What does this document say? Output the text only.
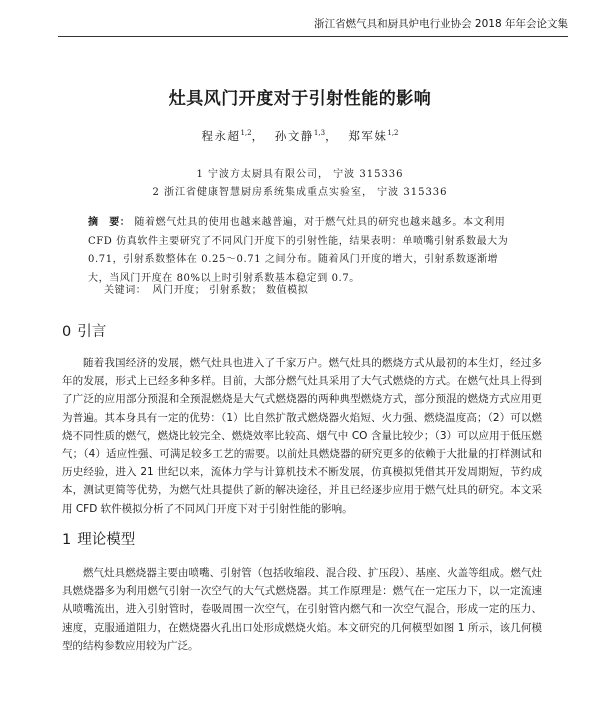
浙江省燃气具和厨具炉电行业协会 2018 年年会论文集
灶具风门开度对于引射性能的影响
程永超$^{1,2}$，  孙文静$^{1,3}$，  郑军妹$^{1,2}$
1 宁波方太厨具有限公司， 宁波 315336
2 浙江省健康智慧厨房系统集成重点实验室， 宁波 315336
摘　要： 随着燃气灶具的使用也越来越普遍，对于燃气灶具的研究也越来越多。本文利用 CFD 仿真软件主要研究了不同风门开度下的引射性能，结果表明：单喷嘴引射系数最大为 0.71，引射系数整体在 0.25～0.71 之间分布。随着风门开度的增大，引射系数逐渐增大，当风门开度在 80%以上时引射系数基本稳定到 0.7。
关键词： 风门开度； 引射系数； 数值模拟
0 引言
随着我国经济的发展，燃气灶具也进入了千家万户。燃气灶具的燃烧方式从最初的本生灯，经过多年的发展，形式上已经多种多样。目前，大部分燃气灶具采用了大气式燃烧的方式。在燃气灶具上得到了广泛的应用部分预混和全预混燃烧是大气式燃烧器的两种典型燃烧方式，部分预混的燃烧方式应用更为普遍。其本身具有一定的优势：（1）比自然扩散式燃烧器火焰短、火力强、燃烧温度高；（2）可以燃烧不同性质的燃气，燃烧比较完全、燃烧效率比较高、烟气中 CO 含量比较少；（3）可以应用于低压燃气；（4）适应性强、可满足较多工艺的需要。以前灶具燃烧器的研究更多的依赖于大批量的打样测试和历史经验，进入 21 世纪以来，流体力学与计算机技术不断发展，仿真模拟凭借其开发周期短，节约成本，测试更简等优势，为燃气灶具提供了新的解决途径，并且已经逐步应用于燃气灶具的研究。本文采用 CFD 软件模拟分析了不同风门开度下对于引射性能的影响。
1 理论模型
燃气灶具燃烧器主要由喷嘴、引射管（包括收缩段、混合段、扩压段）、基座、火盖等组成。燃气灶具燃烧器多为利用燃气引射一次空气的大气式燃烧器。其工作原理是：燃气在一定压力下，以一定流速从喷嘴流出，进入引射管时，卷吸周围一次空气，在引射管内燃气和一次空气混合，形成一定的压力、速度，克服通道阻力，在燃烧器火孔出口处形成燃烧火焰。本文研究的几何模型如图 1 所示，该几何模型的结构参数应用较为广泛。
